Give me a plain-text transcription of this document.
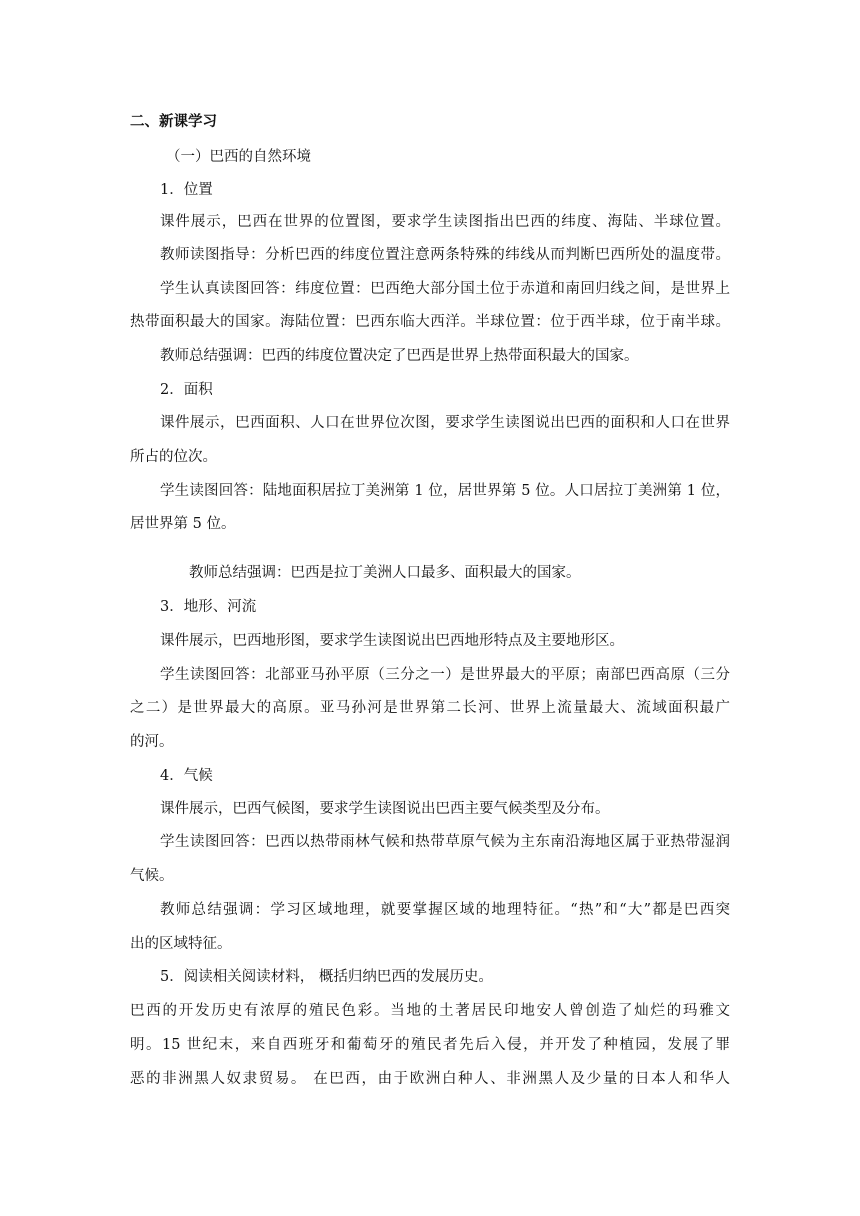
二、新课学习
（一）巴西的自然环境
1．位置
课件展示，巴西在世界的位置图，要求学生读图指出巴西的纬度、海陆、半球位置。
教师读图指导：分析巴西的纬度位置注意两条特殊的纬线从而判断巴西所处的温度带。
学生认真读图回答：纬度位置：巴西绝大部分国土位于赤道和南回归线之间，是世界上
热带面积最大的国家。海陆位置：巴西东临大西洋。半球位置：位于西半球，位于南半球。
教师总结强调：巴西的纬度位置决定了巴西是世界上热带面积最大的国家。
2．面积
课件展示，巴西面积、人口在世界位次图，要求学生读图说出巴西的面积和人口在世界
所占的位次。
学生读图回答：陆地面积居拉丁美洲第 1 位，居世界第 5 位。人口居拉丁美洲第 1 位，
居世界第 5 位。
教师总结强调：巴西是拉丁美洲人口最多、面积最大的国家。
3．地形、河流
课件展示，巴西地形图，要求学生读图说出巴西地形特点及主要地形区。
学生读图回答：北部亚马孙平原（三分之一）是世界最大的平原；南部巴西高原（三分
之二）是世界最大的高原。亚马孙河是世界第二长河、世界上流量最大、流域面积最广
的河。
4．气候
课件展示，巴西气候图，要求学生读图说出巴西主要气候类型及分布。
学生读图回答：巴西以热带雨林气候和热带草原气候为主东南沿海地区属于亚热带湿润
气候。
教师总结强调：学习区域地理，就要掌握区域的地理特征。“热”和“大”都是巴西突
出的区域特征。
5．阅读相关阅读材料， 概括归纳巴西的发展历史。
巴西的开发历史有浓厚的殖民色彩。当地的土著居民印地安人曾创造了灿烂的玛雅文
明。15 世纪末，来自西班牙和葡萄牙的殖民者先后入侵，并开发了种植园，发展了罪
恶的非洲黑人奴隶贸易。 在巴西，由于欧洲白种人、非洲黑人及少量的日本人和华人
